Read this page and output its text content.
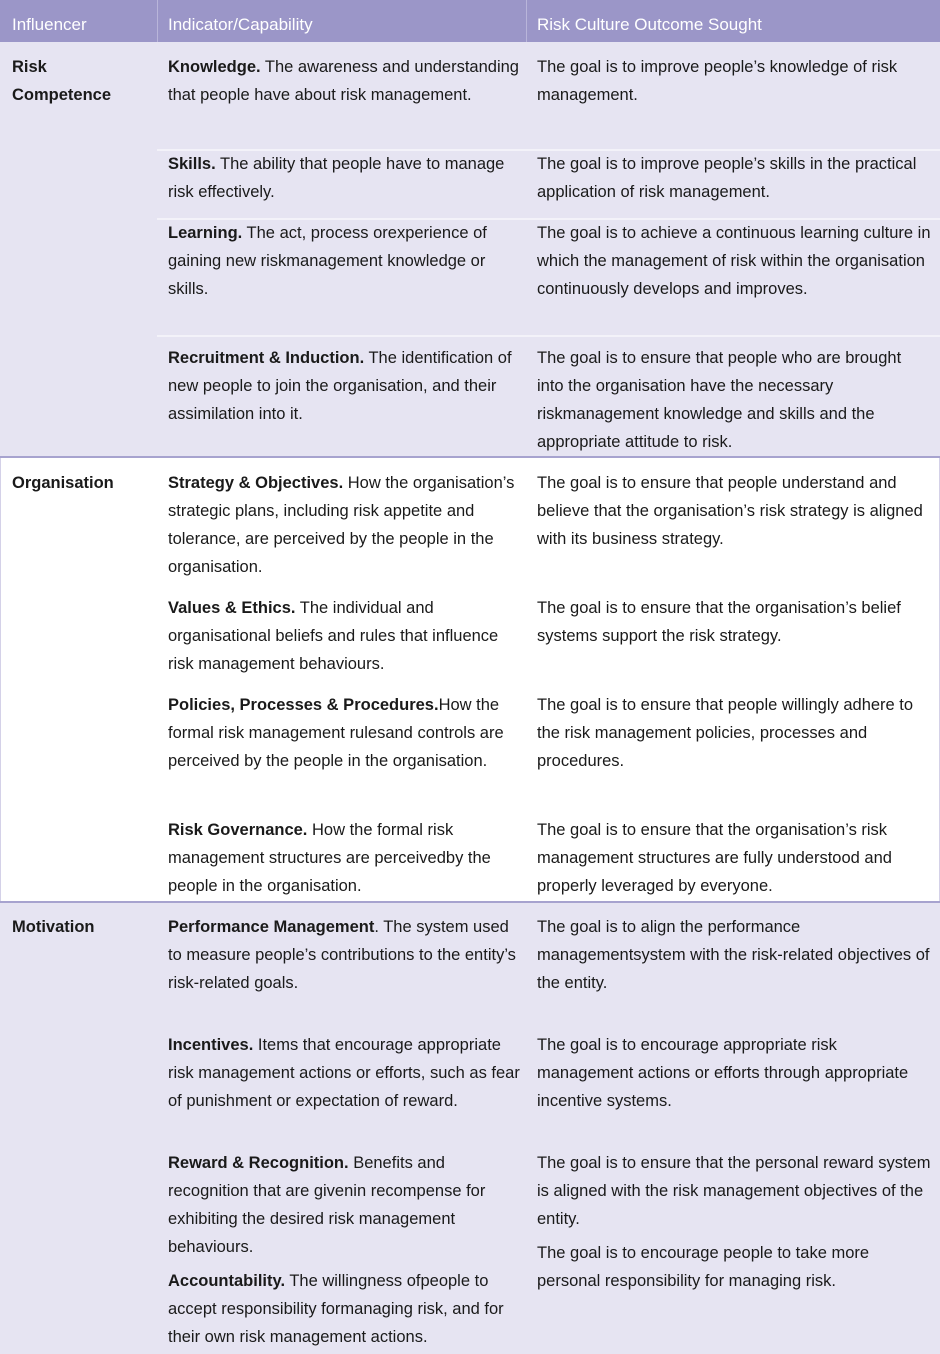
Influencer	Indicator/Capability	Risk Culture Outcome Sought

Risk Competence

Organisation

Motivation

Knowledge. The awareness and understanding that people have about risk management.

The goal is to improve people’s knowledge of risk management.

Skills. The ability that people have to manage risk effectively.

The goal is to improve people’s skills in the practical application of risk management.

Learning. The act, process orexperience of gaining new riskmanagement knowledge or skills.

The goal is to achieve a continuous learning culture in which the management of risk within the organisation continuously develops and improves.

Recruitment & Induction. The identification of new people to join the organisation, and their assimilation into it.

The goal is to ensure that people who are brought into the organisation have the necessary riskmanagement knowledge and skills and the appropriate attitude to risk.

Strategy & Objectives. How the organisation’s strategic plans, including risk appetite and tolerance, are perceived by the people in the organisation.

The goal is to ensure that people understand and believe that the organisation’s risk strategy is aligned with its business strategy.

Values & Ethics. The individual and organisational beliefs and rules that influence risk management behaviours.

The goal is to ensure that the organisation’s belief systems support the risk strategy.

Policies, Processes & Procedures.How the formal risk management rulesand controls are perceived by the people in the organisation.

The goal is to ensure that people willingly adhere to the risk management policies, processes and procedures.

Risk Governance. How the formal risk management structures are perceivedby the people in the organisation.

The goal is to ensure that the organisation’s risk management structures are fully understood and properly leveraged by everyone.

Performance Management. The system used to measure people’s contributions to the entity’s risk-related goals.

The goal is to align the performance managementsystem with the risk-related objectives of the entity.

Incentives. Items that encourage appropriate risk management actions or efforts, such as fear of punishment or expectation of reward.

The goal is to encourage appropriate risk management actions or efforts through appropriate incentive systems.

Reward & Recognition. Benefits and recognition that are givenin recompense for exhibiting the desired risk management behaviours.

The goal is to ensure that the personal reward system is aligned with the risk management objectives of the entity.

Accountability. The willingness ofpeople to accept responsibility formanaging risk, and for their own risk management actions.

The goal is to encourage people to take more personal responsibility for managing risk.
